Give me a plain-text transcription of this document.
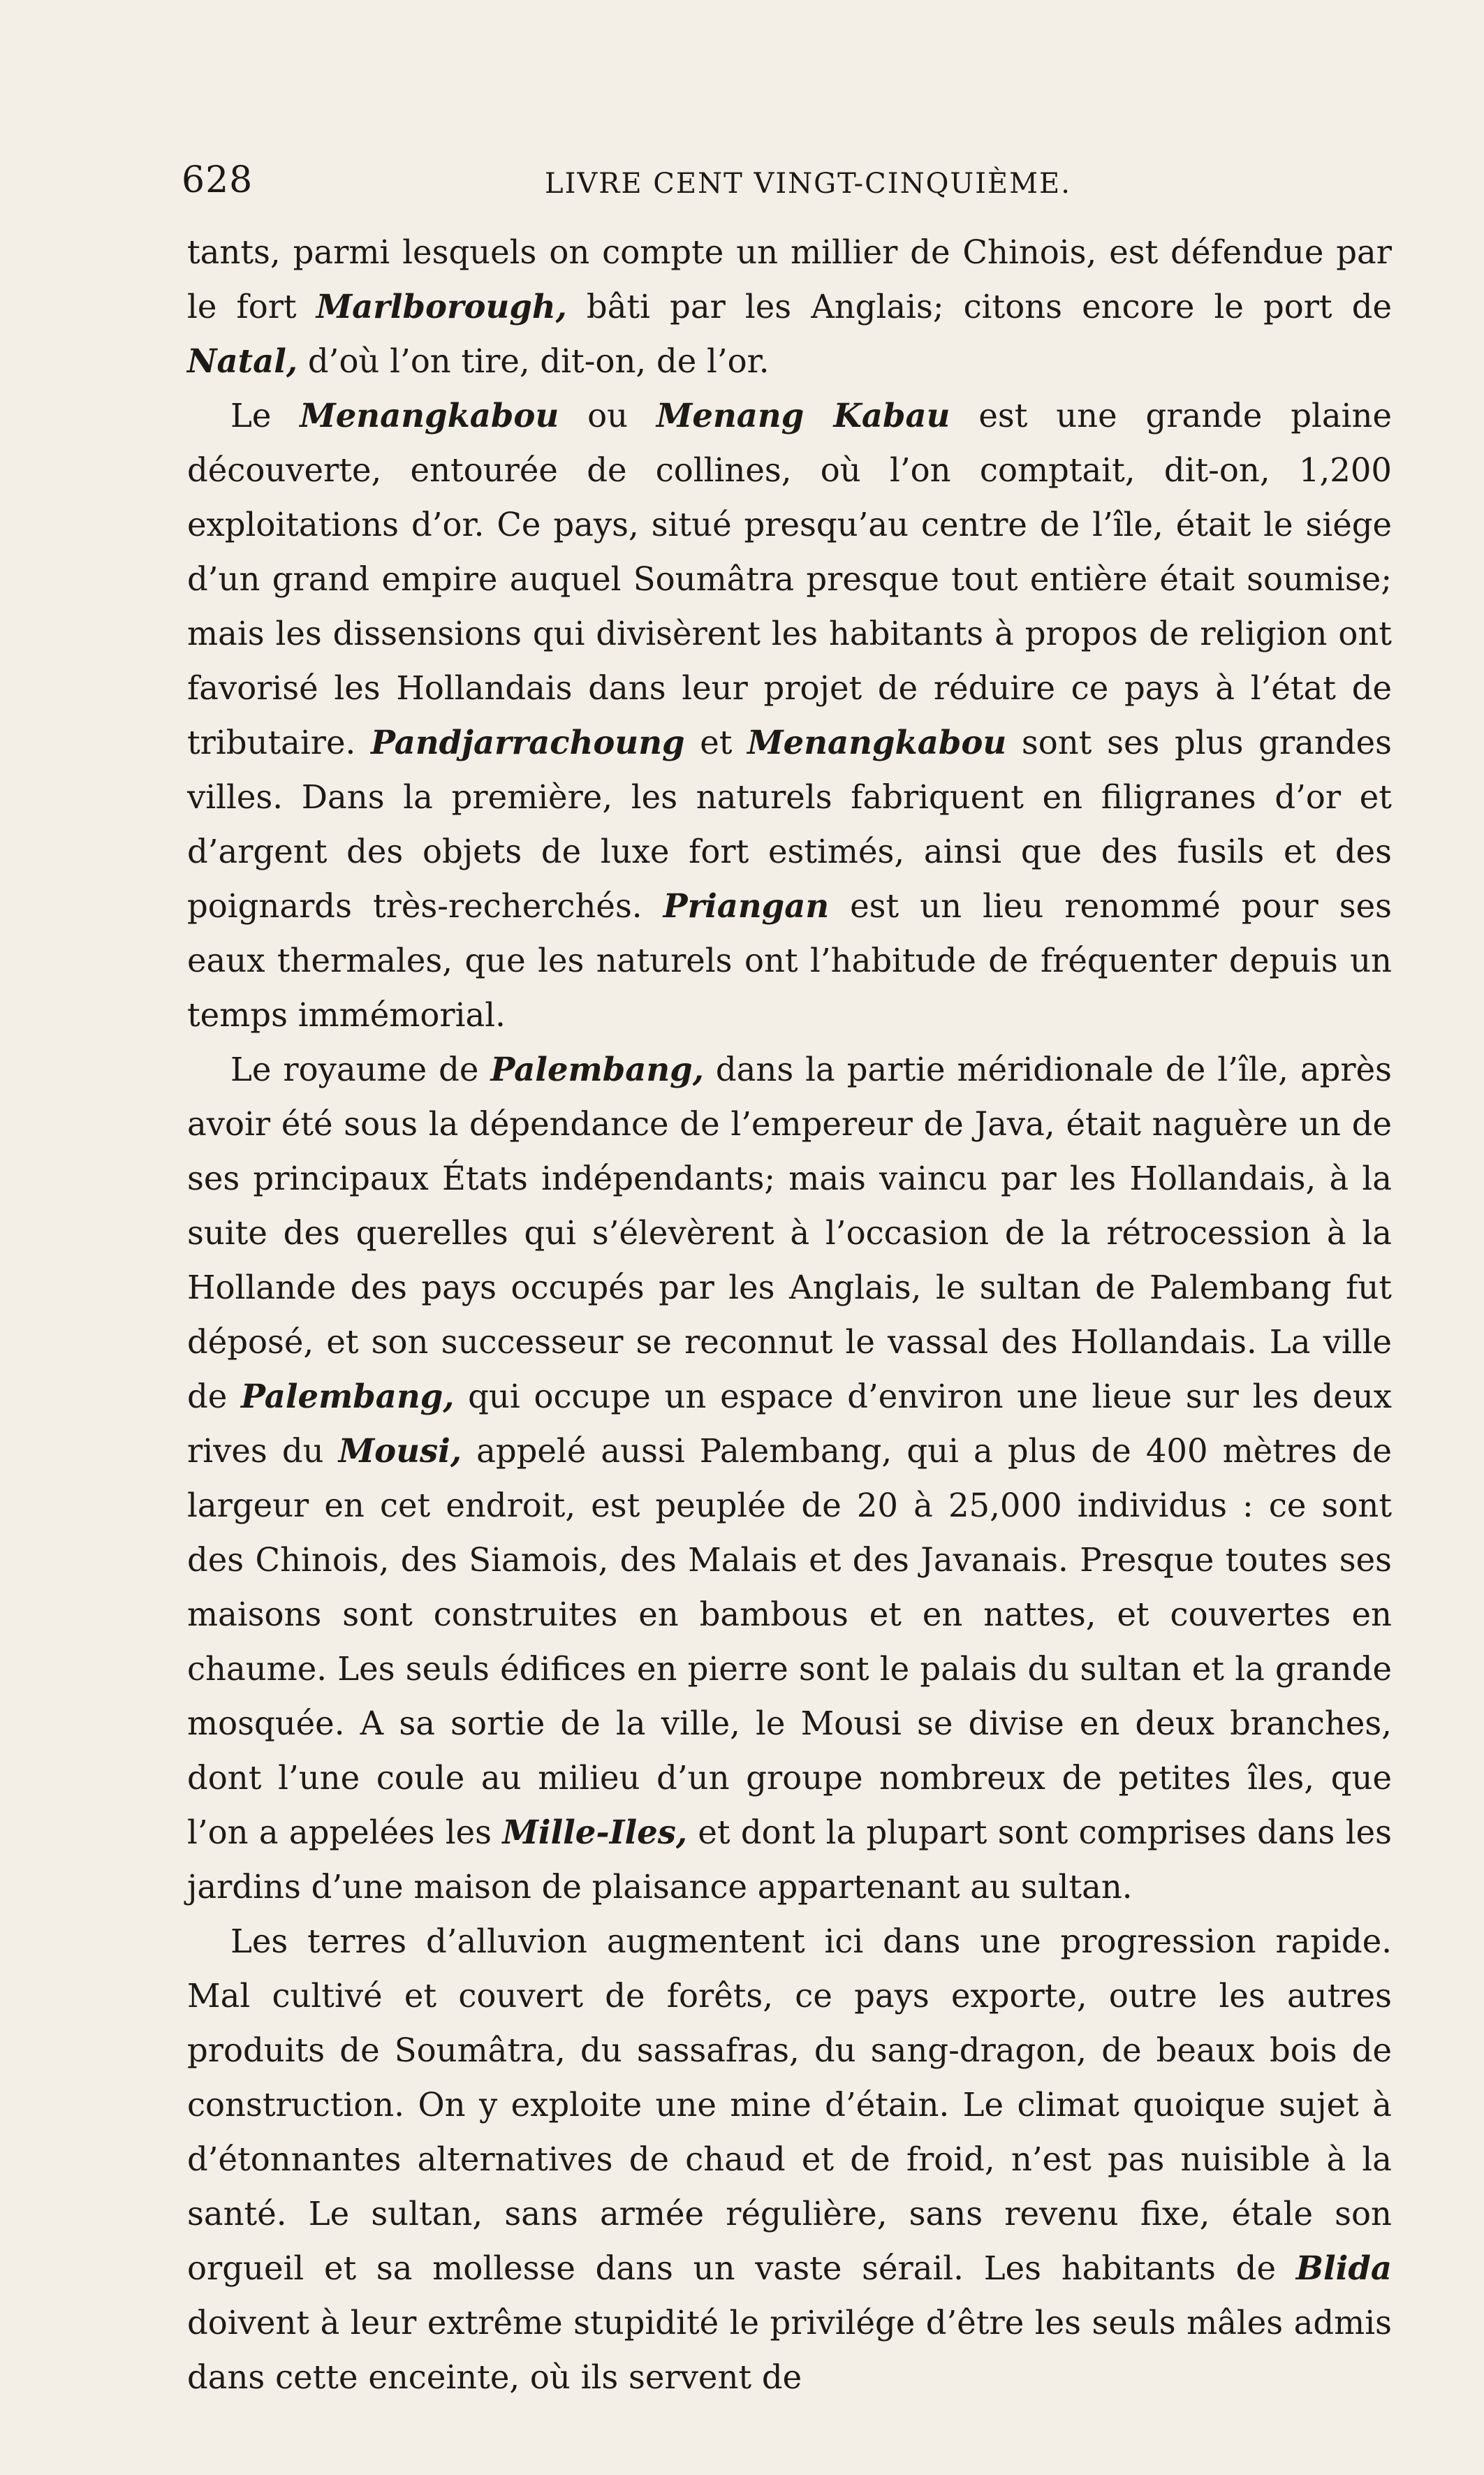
628	LIVRE CENT VINGT-CINQUIÈME.

tants, parmi lesquels on compte un millier de Chinois, est défendue par le fort Marlborough, bâti par les Anglais; citons encore le port de Natal, d’où l’on tire, dit-on, de l’or.

Le Menangkabou ou Menang Kabau est une grande plaine découverte, entourée de collines, où l’on comptait, dit-on, 1,200 exploitations d’or. Ce pays, situé presqu’au centre de l’île, était le siége d’un grand empire auquel Soumâtra presque tout entière était soumise; mais les dissensions qui divisèrent les habitants à propos de religion ont favorisé les Hollandais dans leur projet de réduire ce pays à l’état de tributaire. Pandjarrachoung et Menangkabou sont ses plus grandes villes. Dans la première, les naturels fabriquent en filigranes d’or et d’argent des objets de luxe fort estimés, ainsi que des fusils et des poignards très-recherchés. Priangan est un lieu renommé pour ses eaux thermales, que les naturels ont l’habitude de fréquenter depuis un temps immémorial.

Le royaume de Palembang, dans la partie méridionale de l’île, après avoir été sous la dépendance de l’empereur de Java, était naguère un de ses principaux États indépendants; mais vaincu par les Hollandais, à la suite des querelles qui s’élevèrent à l’occasion de la rétrocession à la Hollande des pays occupés par les Anglais, le sultan de Palembang fut déposé, et son successeur se reconnut le vassal des Hollandais. La ville de Palembang, qui occupe un espace d’environ une lieue sur les deux rives du Mousi, appelé aussi Palembang, qui a plus de 400 mètres de largeur en cet endroit, est peuplée de 20 à 25,000 individus : ce sont des Chinois, des Siamois, des Malais et des Javanais. Presque toutes ses maisons sont construites en bambous et en nattes, et couvertes en chaume. Les seuls édifices en pierre sont le palais du sultan et la grande mosquée. A sa sortie de la ville, le Mousi se divise en deux branches, dont l’une coule au milieu d’un groupe nombreux de petites îles, que l’on a appelées les Mille-Iles, et dont la plupart sont comprises dans les jardins d’une maison de plaisance appartenant au sultan.

Les terres d’alluvion augmentent ici dans une progression rapide. Mal cultivé et couvert de forêts, ce pays exporte, outre les autres produits de Soumâtra, du sassafras, du sang-dragon, de beaux bois de construction. On y exploite une mine d’étain. Le climat quoique sujet à d’étonnantes alternatives de chaud et de froid, n’est pas nuisible à la santé. Le sultan, sans armée régulière, sans revenu fixe, étale son orgueil et sa mollesse dans un vaste sérail. Les habitants de Blida doivent à leur extrême stupidité le privilége d’être les seuls mâles admis dans cette enceinte, où ils servent de
